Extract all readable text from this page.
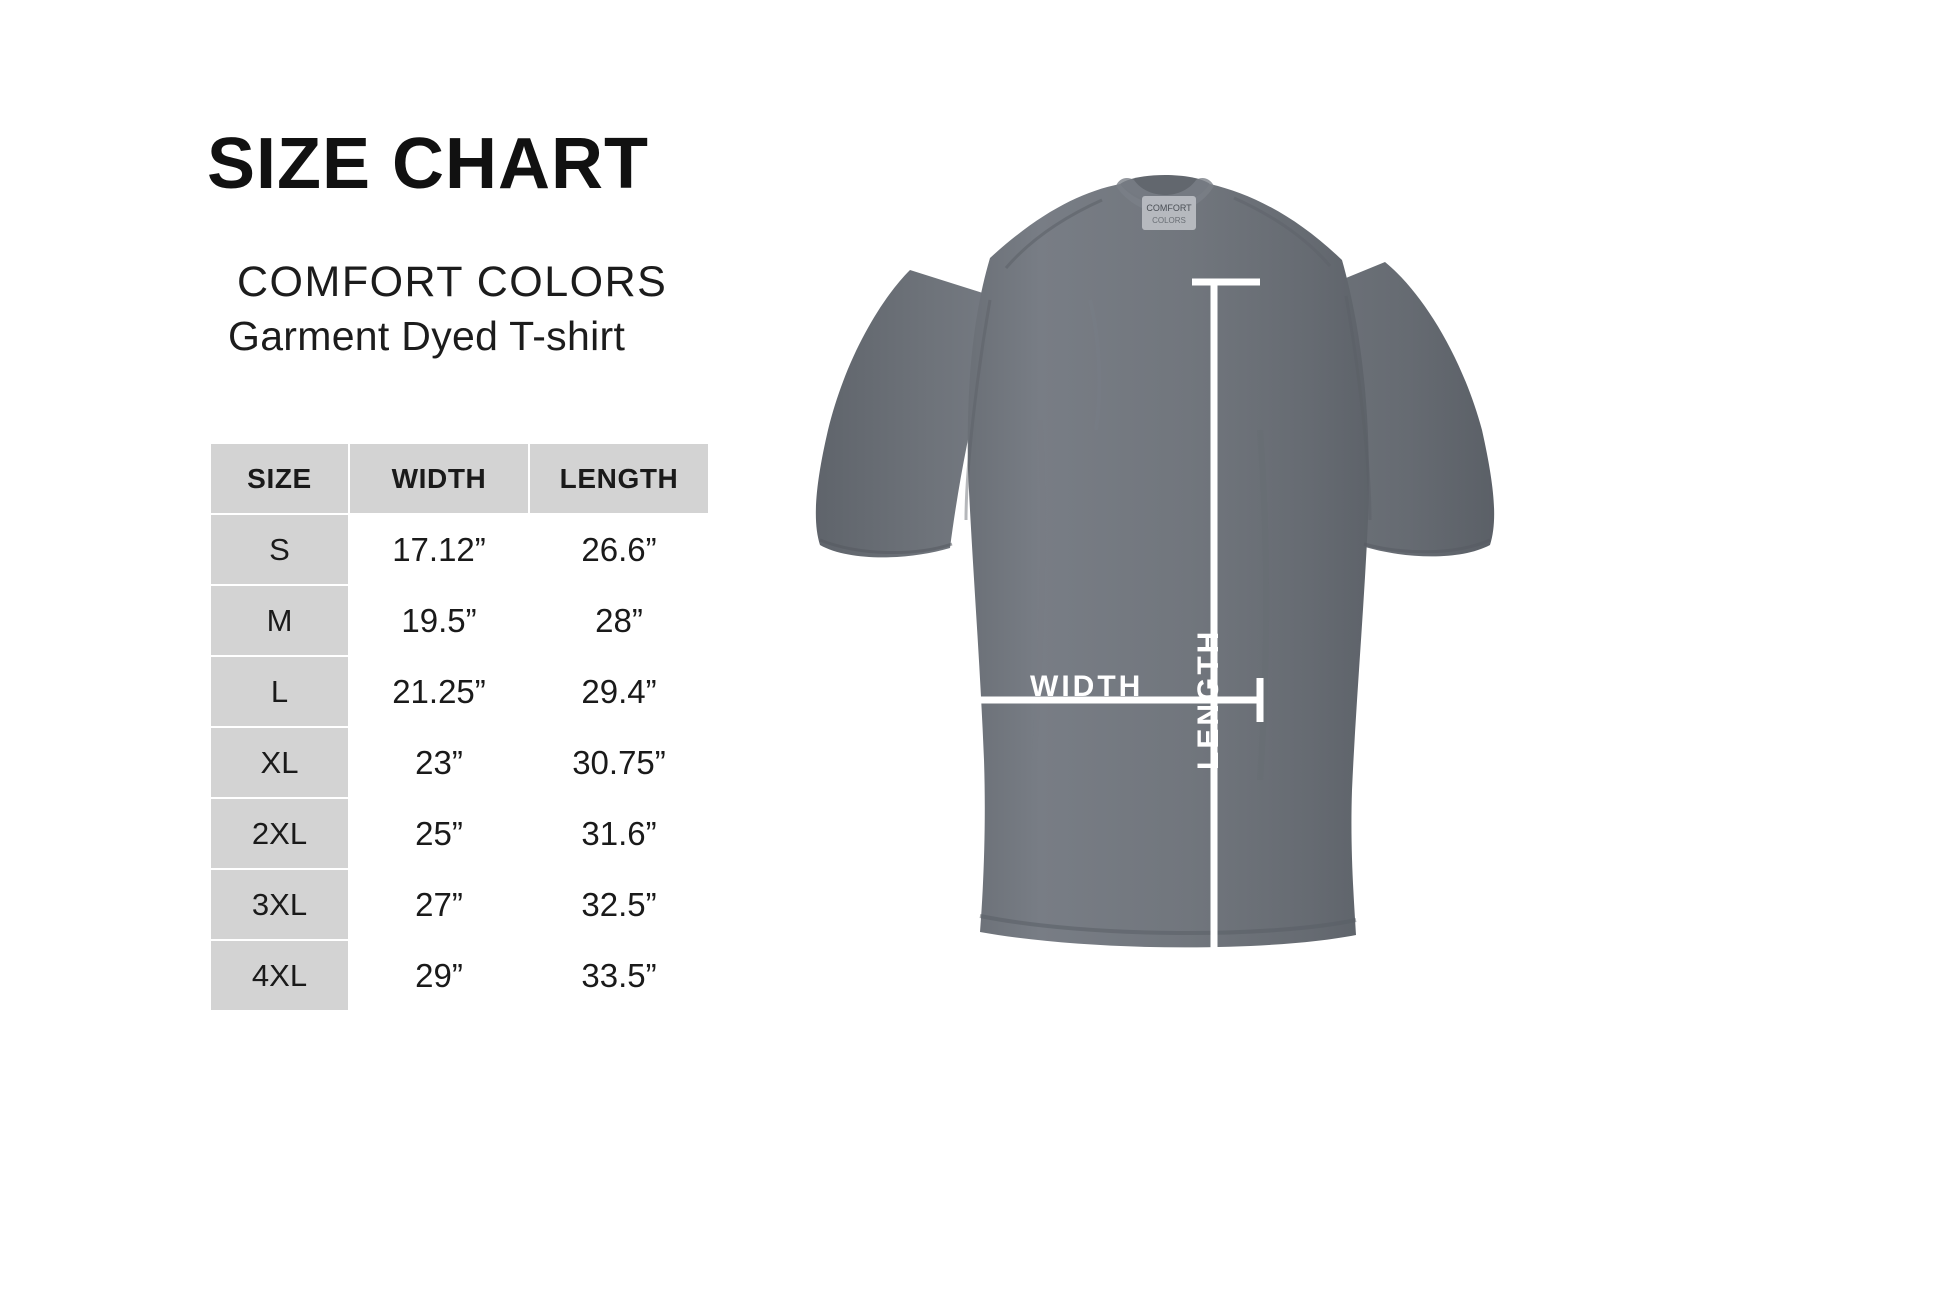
SIZE CHART
COMFORT COLORS
Garment Dyed T-shirt
SIZE	WIDTH	LENGTH
S	17.12”	26.6”
M	19.5”	28”
L	21.25”	29.4”
XL	23”	30.75”
2XL	25”	31.6”
3XL	27”	32.5”
4XL	29”	33.5”
COMFORT
COLORS
WIDTH LENGTH
